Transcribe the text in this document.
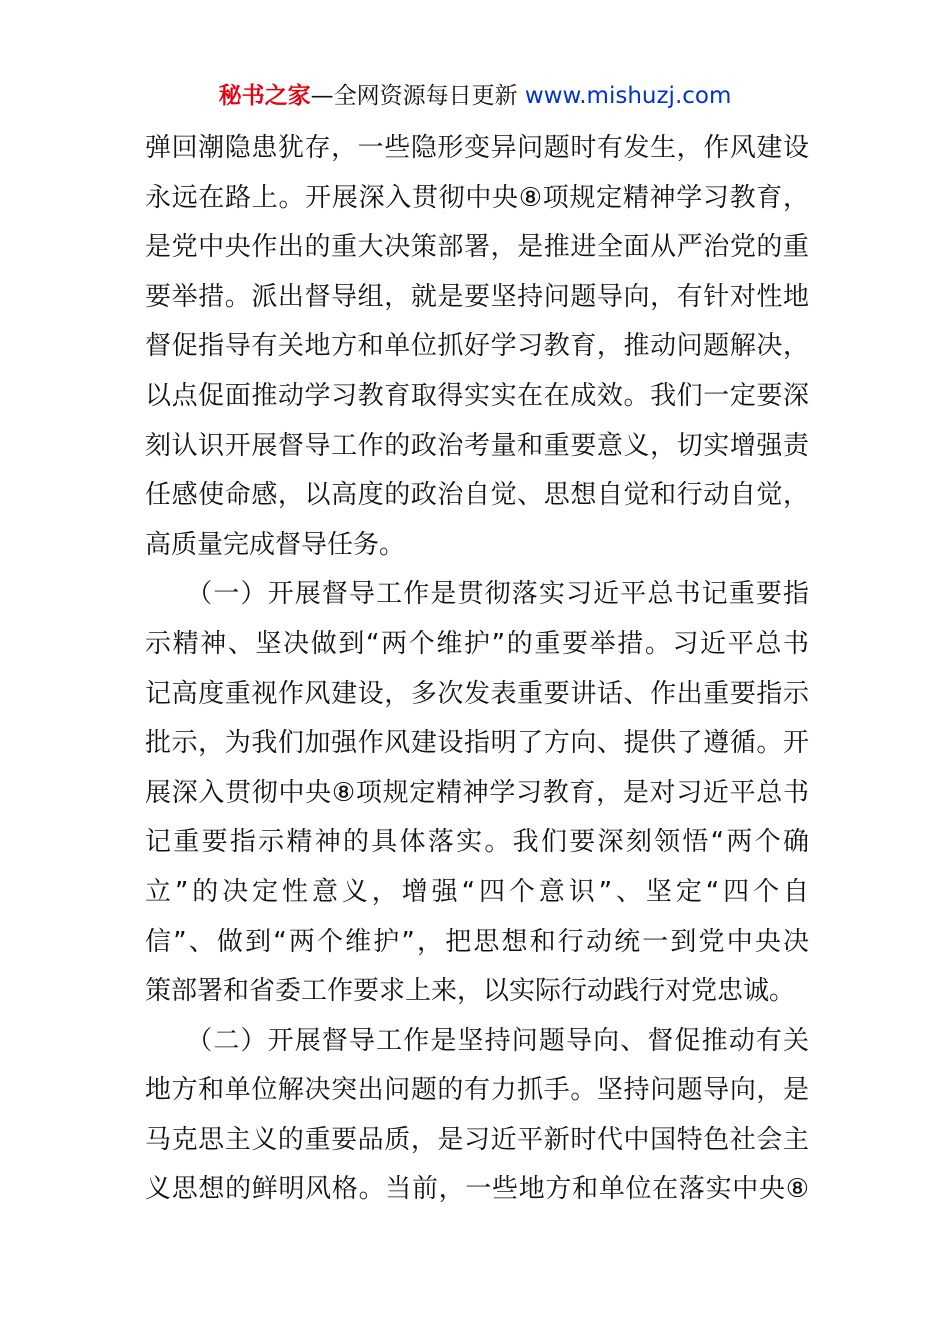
秘书之家—全网资源每日更新 www.mishuzj.com
弹回潮隐患犹存，一些隐形变异问题时有发生，作风建设
永远在路上。开展深入贯彻中央⑧项规定精神学习教育，
是党中央作出的重大决策部署，是推进全面从严治党的重
要举措。派出督导组，就是要坚持问题导向，有针对性地
督促指导有关地方和单位抓好学习教育，推动问题解决，
以点促面推动学习教育取得实实在在成效。我们一定要深
刻认识开展督导工作的政治考量和重要意义，切实增强责
任感使命感，以高度的政治自觉、思想自觉和行动自觉，
高质量完成督导任务。
　　（一）开展督导工作是贯彻落实习近平总书记重要指
示精神、坚决做到“两个维护”的重要举措。习近平总书
记高度重视作风建设，多次发表重要讲话、作出重要指示
批示，为我们加强作风建设指明了方向、提供了遵循。开
展深入贯彻中央⑧项规定精神学习教育，是对习近平总书
记重要指示精神的具体落实。我们要深刻领悟“两个确
立”的决定性意义，增强“四个意识”、坚定“四个自
信”、做到“两个维护”，把思想和行动统一到党中央决
策部署和省委工作要求上来，以实际行动践行对党忠诚。
　　（二）开展督导工作是坚持问题导向、督促推动有关
地方和单位解决突出问题的有力抓手。坚持问题导向，是
马克思主义的重要品质，是习近平新时代中国特色社会主
义思想的鲜明风格。当前，一些地方和单位在落实中央⑧
